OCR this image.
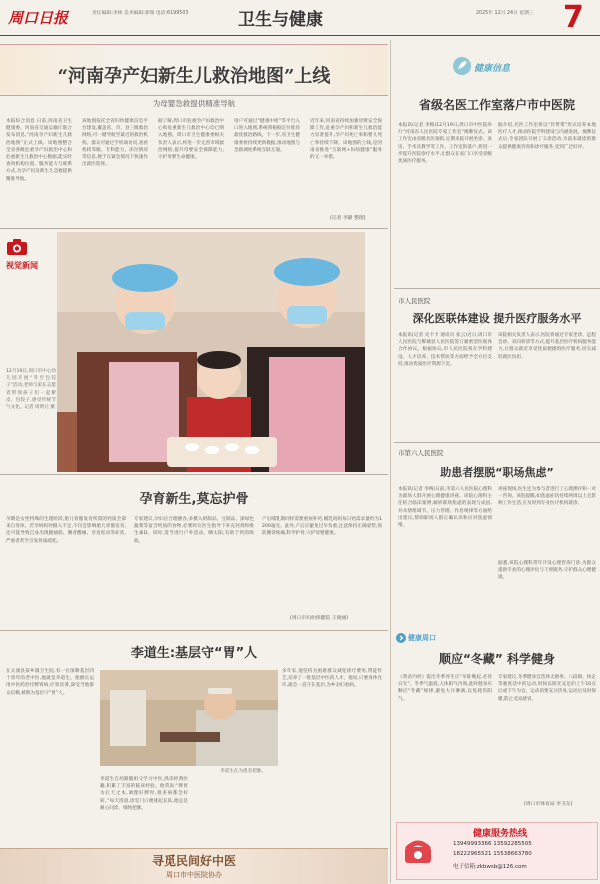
周口日报	责任编辑:李林 美术编辑:郭瑞 电话:6199503	卫生与健康	2025年 12月 24日 星期三 7
“河南孕产妇新生儿救治地图”上线
为母婴急救提供精准导航
本报综合消息 日前,河南省卫生健康委、河南省交通运输厅联合发布消息,“河南孕产妇新生儿救治地图”正式上线。该地图整合全省各级危重孕产妇救治中心和危重新生儿救治中心数据,能实时查询机构位置、服务能力与联系方式,为孕产妇及新生儿急救提供精准导航。
该地图依托全省妇幼健康信息平台建设,覆盖省、市、县三级救治网络,可一键导航至最近的救治机构。群众可通过手机端访问,查看机构等级、专科能力、床位情况等信息,便于在紧急情况下快速作出就医选择。
据了解,周口市危重孕产妇救治中心和危重新生儿救治中心均已纳入地图。周口市卫生健康委相关负责人表示,将进一步完善市域救治网络,提升母婴安全保障能力,守护母婴生命健康。
用户可通过“健康中原”等平台入口进入地图,系统将根据定位推荐最优救治路线。下一步,省卫生健康委将持续更新数据,推动地图与急救调度系统互联互通。
近年来,河南省持续加强母婴安全保障工作,危重孕产妇和新生儿救治能力显著提升,孕产妇死亡率和婴儿死亡率持续下降。该地图的上线,是河南省推进“互联网+妇幼健康”服务的又一举措。
(记者 李静 整理)
健康信息
省级名医工作室落户市中医院
本报讯(记者 李梅)12月19日,周口市中医院举行“河南省人民医院专家工作室”揭牌仪式。该工作室由省级名医领衔,定期来院开展坐诊、查房、手术及教学等工作。工作室的落户,将进一步提升医院诊疗水平,让群众在家门口享受省级优质医疗服务。
据介绍,名医工作室将以“传帮带”形式培养本地医疗人才,推动医院学科建设与内涵发展。揭牌仪式后,专家团队开展了义诊活动,为前来就诊的群众提供健康咨询和诊疗服务,受到广泛好评。
视觉新闻
12月19日,周口市中心幼儿园开展“冬至包饺子”活动,老师与家长志愿者带领孩子们一起擀皮、包饺子,感受传统节气文化。记者 周明元 摄
市人民医院
深化医联体建设 提升医疗服务水平
本报讯(记者 史卡卡 通讯员 张云)近日,周口市人民医院与郸城县人民医院签订紧密型医联体合作协议。根据协议,市人民医院将在学科建设、人才培养、技术帮扶等方面给予全方位支持,推动优质医疗资源下沉。
该院相关负责人表示,医院将通过专家坐诊、远程会诊、双向转诊等方式,提升基层医疗机构服务能力,让群众就近享受优质便捷的医疗服务,切实减轻就医负担。
市第六人民医院
助患者摆脱“职场焦虑”
本报讯(记者 李梅)日前,市第六人民医院心理科为职场人群开展心理健康讲座。该院心理科主任结合临床案例,解析职场焦虑的表现与成因,并从情绪调节、压力管理、作息规律等方面给出建议,帮助职场人群正确认识和应对焦虑情绪。
讲座现场,医生还为参与者进行了心理测评和一对一咨询。该院提醒,如焦虑症状持续两周以上且影响工作生活,应及时到专业医疗机构就诊。
据悉,该院心理科常年开设心理咨询门诊,为群众提供专业的心理评估与干预服务,守护群众心理健康。
孕育新生,莫忘护骨
孕期是女性特殊的生理阶段,胎儿骨骼发育所需的钙质全部来自母体。若孕妈妈钙摄入不足,不仅会影响胎儿骨骼发育,还可能导致自身出现腿抽筋、腰背酸痛、牙齿松动等症状,严重者甚至引发骨质疏松。
专家建议,孕妇应合理膳食,多摄入奶制品、豆制品、深绿色蔬菜等富含钙质的食物,必要时在医生指导下补充钙剂和维生素D。同时,适当进行户外活动、晒太阳,有助于钙的吸收。
产后哺乳期同样需要重视补钙,哺乳妈妈每日钙需求量约为1200毫克。此外,产后应避免过早负重,注意保持正确姿势,预防腰背疼痛,科学护骨,守护母婴健康。
(周口市妇幼保健院 王晓丽)
李道生:基层守“胃”人
在太康县某乡镇卫生院,有一位深耕基层四十余年的老中医,他就是李道生。他擅长运用中医药治疗脾胃病,疗效显著,深受当地群众信赖,被称为基层守“胃”人。
李道生在为患者把脉。
李道生自幼跟随祖父学习中医,熟读经典医籍,积累了丰富的临床经验。他常说:“脾胃为后天之本,调理好脾胃,很多病都会好转。”每天清晨,诊室门口便排起长队,他总是耐心问诊、细致把脉。
多年来,他坚持为困难群众减免诊疗费用,带徒传艺,培养了一批基层中医药人才。他说,只要身体允许,就会一直守在基层,为乡亲们看病。
健康周口
顺应“冬藏” 科学健身
《黄帝内经》提出冬季养生应“早卧晚起,必待日光”。冬季气温低,人体阳气内敛,此时健身应顺应“冬藏”规律,避免大汗淋漓,以免耗伤阳气。
专家建议,冬季健身宜选择太极拳、八段锦、快走等强度适中的运动,时间以阳光充足的上午10点后或下午为宜。运动前要充分热身,运动后及时保暖,防止受凉感冒。
(周口市体育局 李卫东)
健康服务热线
13949993366 13592285505
18222965521 15538663780
电子信箱:zkbwsb@126.com
寻觅民间好中医
周口市中医院协办
